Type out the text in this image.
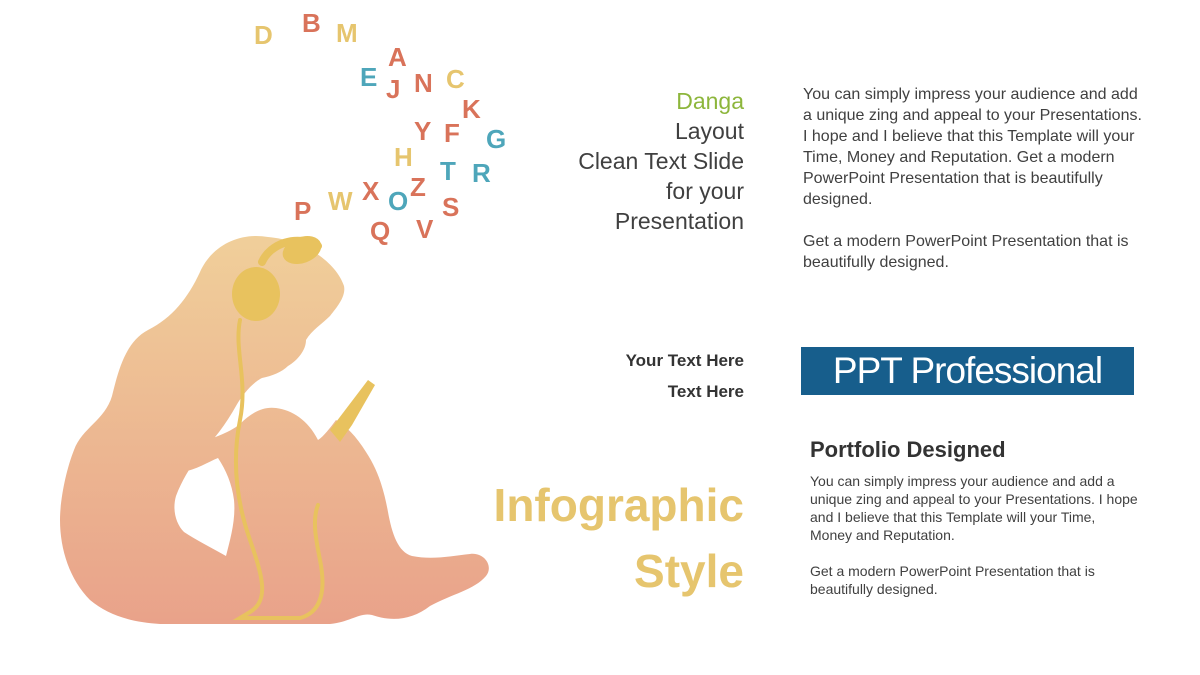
D B M
A
E J N C
K
Y F G
H T R
X Z
P W O S
Q V
Danga
Layout
Clean Text Slide
for your
Presentation
Your Text Here
Text Here
Infographic
Style

You can simply impress your audience and add a unique zing and appeal to your Presentations. I hope and I believe that this Template will your Time, Money and Reputation. Get a modern PowerPoint Presentation that is beautifully designed.

Get a modern PowerPoint Presentation that is beautifully designed.

PPT Professional
Portfolio Designed

You can simply impress your audience and add a unique zing and appeal to your Presentations. I hope and I believe that this Template will your Time, Money and Reputation.

Get a modern PowerPoint Presentation that is beautifully designed.
